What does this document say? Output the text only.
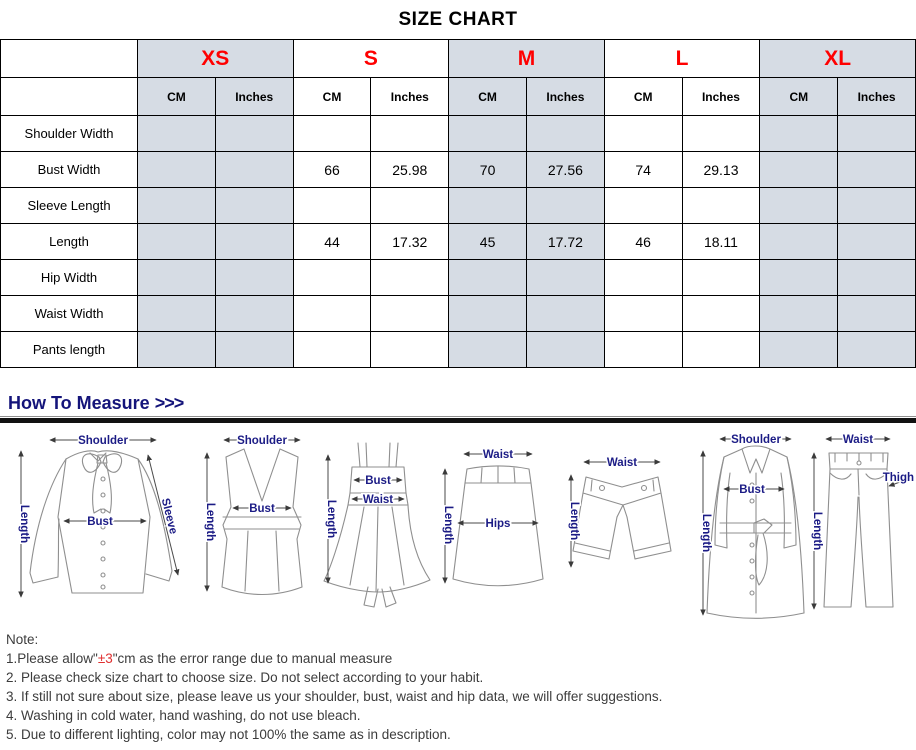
SIZE CHART
	XS		S		M		L		XL	
	CM	Inches	CM	Inches	CM	Inches	CM	Inches	CM	Inches
Shoulder Width										
Bust Width			66	25.98	70	27.56	74	29.13		
Sleeve Length										
Length			44	17.32	45	17.72	46	18.11		
Hip Width										
Waist Width										
Pants length										
How To Measure >>>
Shoulder
Length	Bust	Sleeve
Shoulder
Length	Bust	Length
Bust
Waist
Waist
Length	Hips
Waist
Length
Shoulder
Length
Bust
Waist
Length
Thigh
Note:
1.Please allow"±3"cm as the error range due to manual measure
2. Please check size chart to choose size. Do not select according to your habit.
3. If still not sure about size, please leave us your shoulder, bust, waist and hip data, we will offer suggestions.
4. Washing in cold water, hand washing, do not use bleach.
5. Due to different lighting, color may not 100% the same as in description.
